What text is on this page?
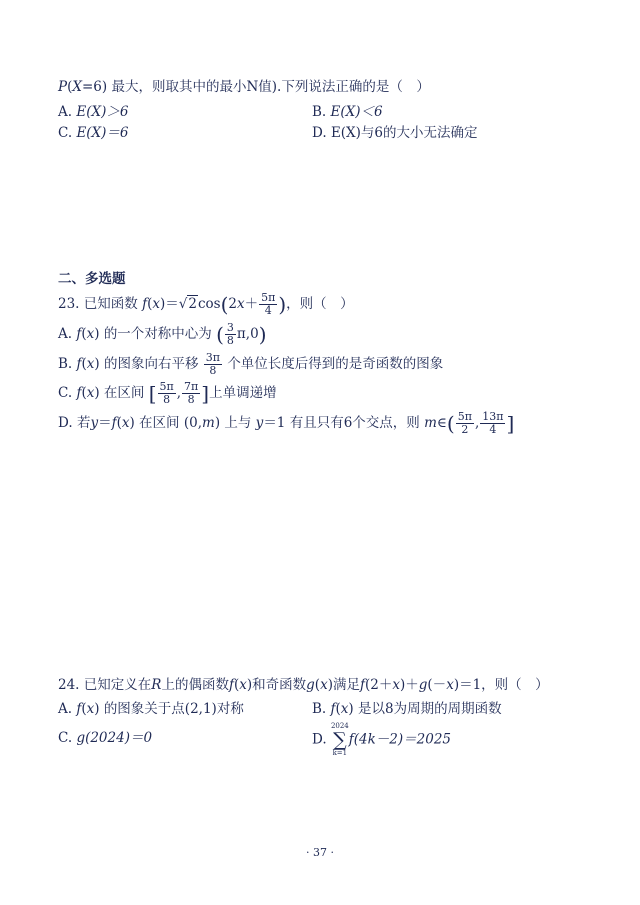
P(X=6) 最大，则取其中的最小N值).下列说法正确的是（　）
A. E(X)＞6	B. E(X)＜6
C. E(X)＝6	D. E(X)与6的大小无法确定
二、多选题
23. 已知函数 $f(x)=√2\cos(2x+ \frac{5\pi}{4}$ )，则（　）
A. f(x) 的一个对称中心为 ( $\frac{3}{8} \pi,0$)
B. f(x) 的图象向右平移 $\frac{3\pi}{8}$ 个单位长度后得到的是奇函数的图象
C. f(x) 在区间 [ $\frac{5\pi}{8}$ , $\frac{7\pi}{8}$ ]上单调递增
D. 若y＝f(x) 在区间 (0,m) 上与 y＝1 有且只有6个交点，则 m∈( $\frac{5\pi}{2}$ , $\frac{13\pi}{4}$ ]
24. 已知定义在R上的偶函数f(x)和奇函数g(x)满足f(2＋x)＋g(－x)＝1，则（　）
A. f(x) 的图象关于点(2,1)对称	B. f(x) 是以8为周期的周期函数
C. g(2024)＝0	D.
2024
∑
k=1
f(4k－2)＝2025
· 37 ·
